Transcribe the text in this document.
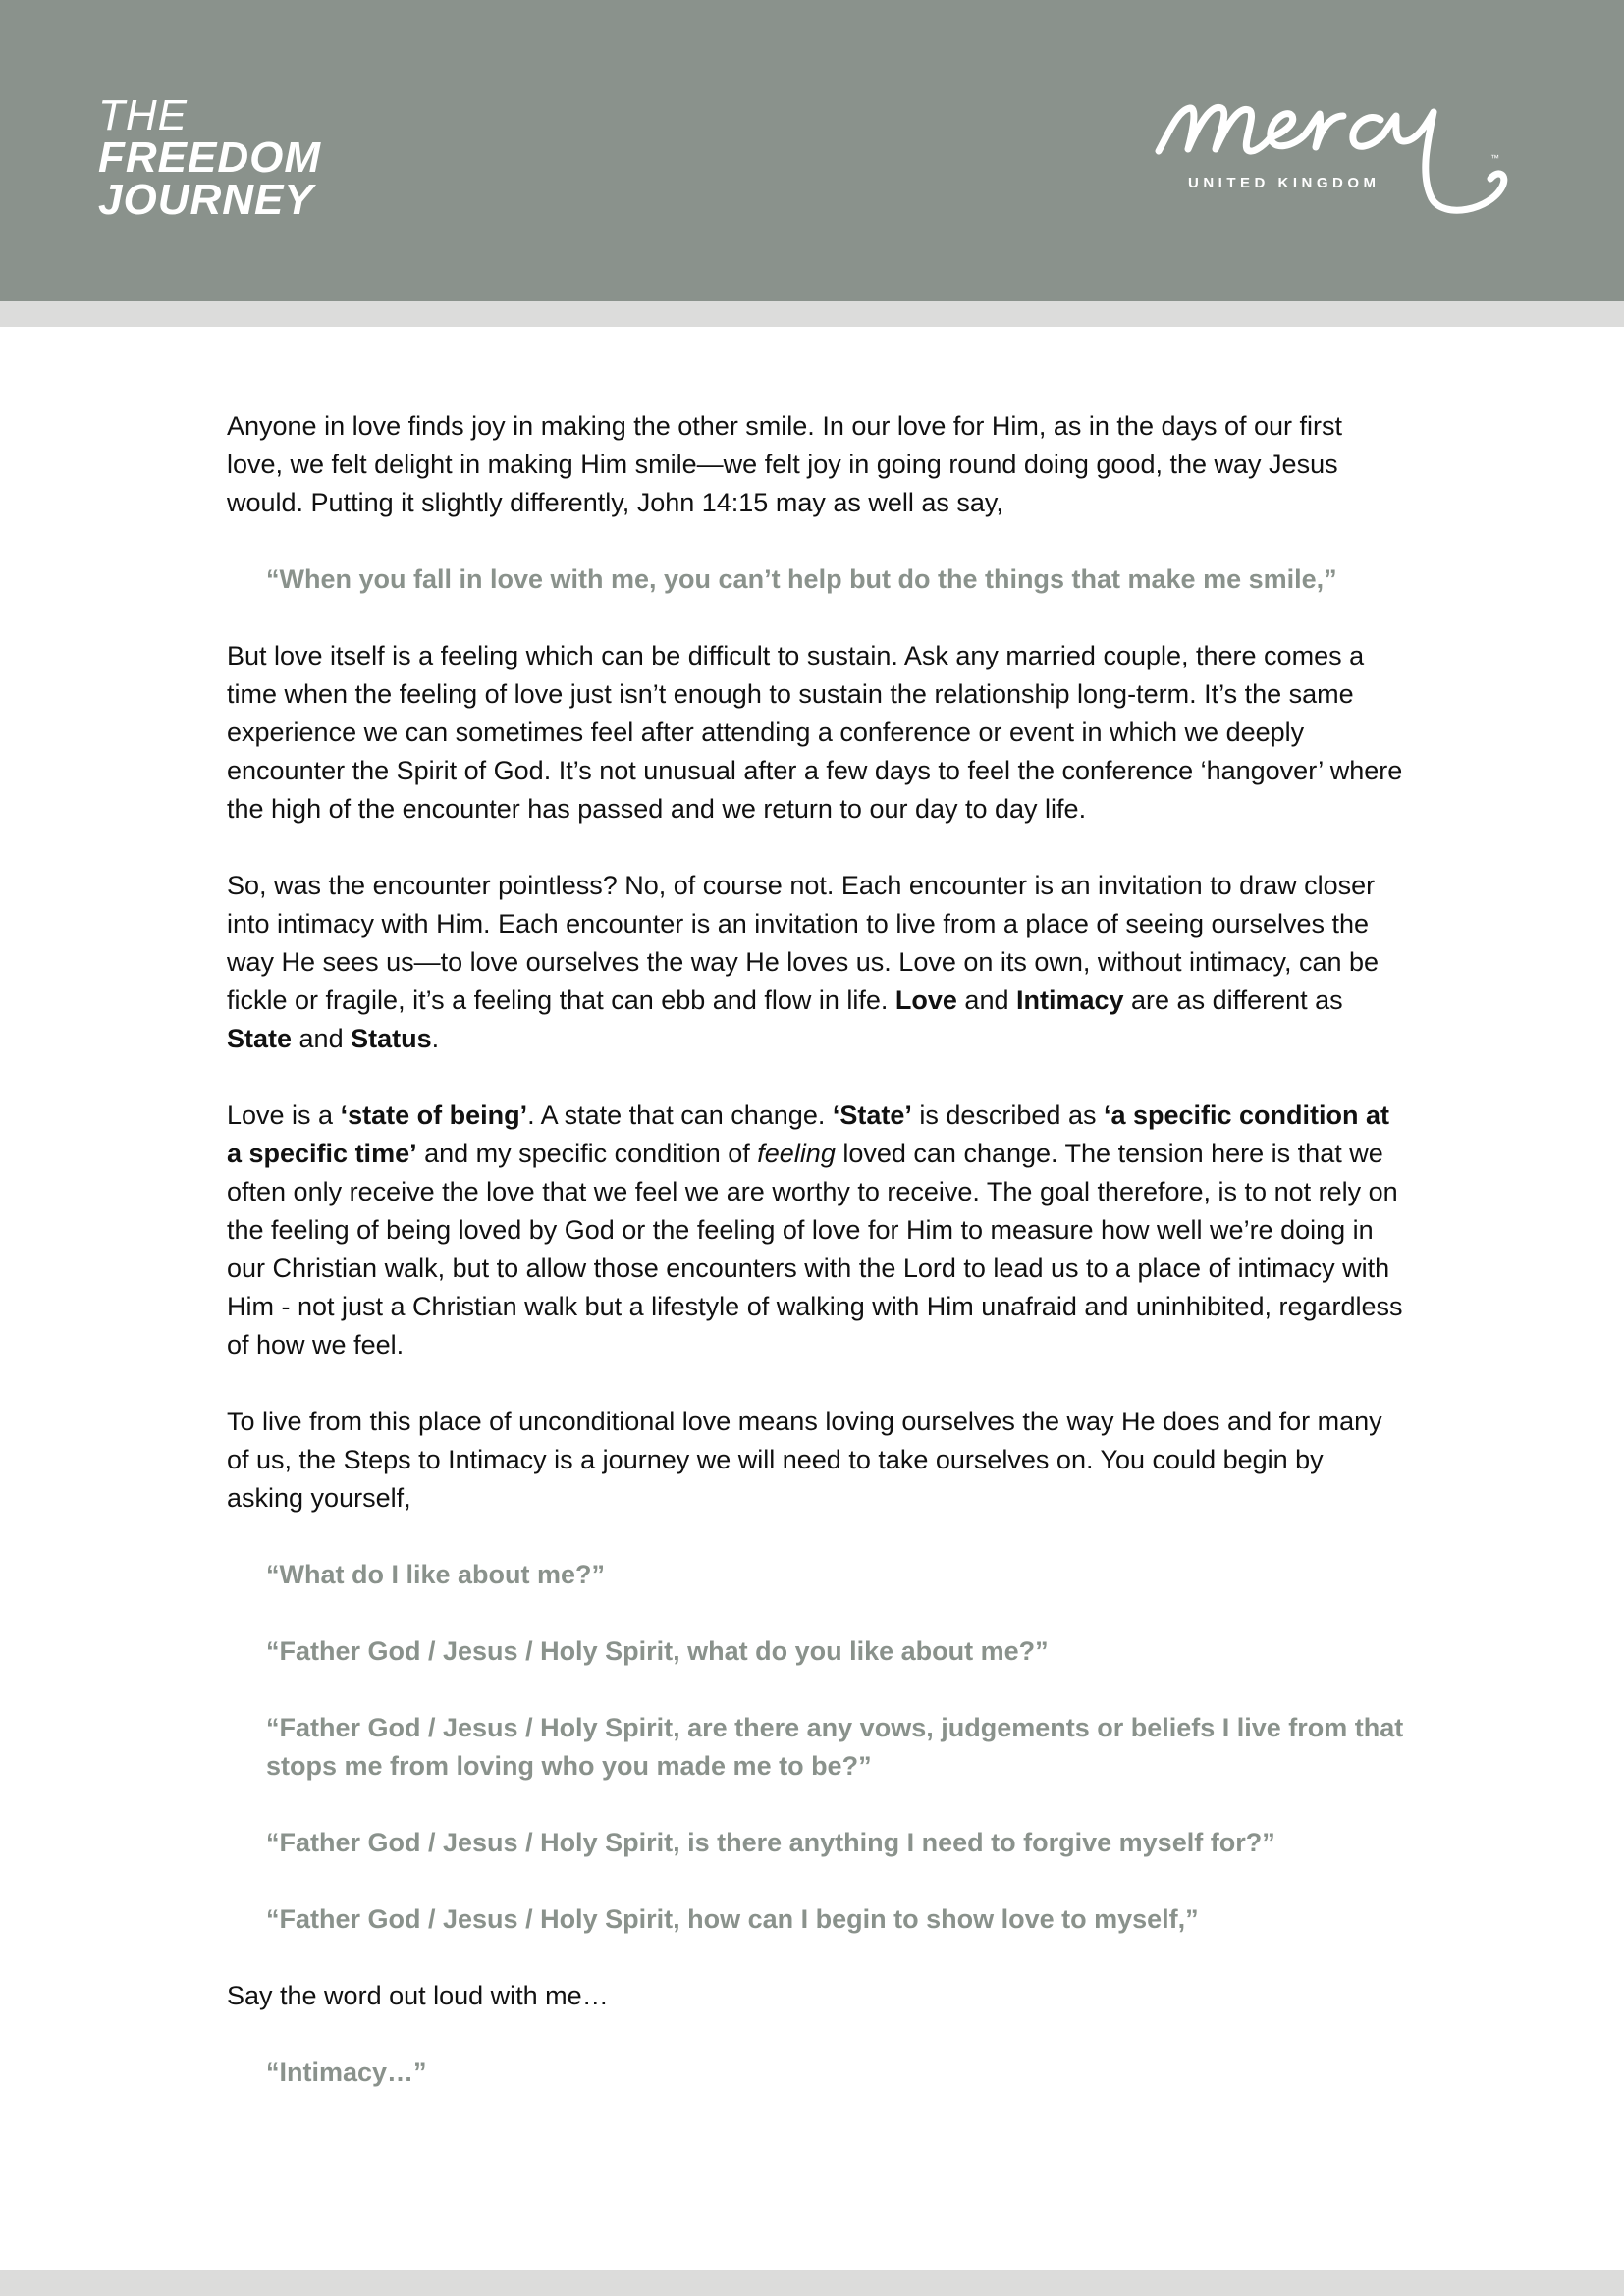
THE
FREEDOM
JOURNEY	UNITED KINGDOM
™

Anyone in love finds joy in making the other smile. In our love for Him, as in the days of our first love, we felt delight in making Him smile—we felt joy in going round doing good, the way Jesus would. Putting it slightly differently, John 14:15 may as well as say,

“When you fall in love with me, you can’t help but do the things that make me smile,”

But love itself is a feeling which can be difficult to sustain. Ask any married couple, there comes a time when the feeling of love just isn’t enough to sustain the relationship long-term. It’s the same experience we can sometimes feel after attending a conference or event in which we deeply encounter the Spirit of God. It’s not unusual after a few days to feel the conference ‘hangover’ where the high of the encounter has passed and we return to our day to day life.

So, was the encounter pointless? No, of course not. Each encounter is an invitation to draw closer into intimacy with Him. Each encounter is an invitation to live from a place of seeing ourselves the way He sees us—to love ourselves the way He loves us. Love on its own, without intimacy, can be fickle or fragile, it’s a feeling that can ebb and flow in life. Love and Intimacy are as different as State and Status.

Love is a ‘state of being’. A state that can change. ‘State’ is described as ‘a specific condition at a specific time’ and my specific condition of feeling loved can change. The tension here is that we often only receive the love that we feel we are worthy to receive. The goal therefore, is to not rely on the feeling of being loved by God or the feeling of love for Him to measure how well we’re doing in our Christian walk, but to allow those encounters with the Lord to lead us to a place of intimacy with Him - not just a Christian walk but a lifestyle of walking with Him unafraid and uninhibited, regardless of how we feel.

To live from this place of unconditional love means loving ourselves the way He does and for many of us, the Steps to Intimacy is a journey we will need to take ourselves on. You could begin by asking yourself,

“What do I like about me?”

“Father God / Jesus / Holy Spirit, what do you like about me?”

“Father God / Jesus / Holy Spirit, are there any vows, judgements or beliefs I live from that stops me from loving who you made me to be?”

“Father God / Jesus / Holy Spirit, is there anything I need to forgive myself for?”

“Father God / Jesus / Holy Spirit, how can I begin to show love to myself,”

Say the word out loud with me…

“Intimacy…”
